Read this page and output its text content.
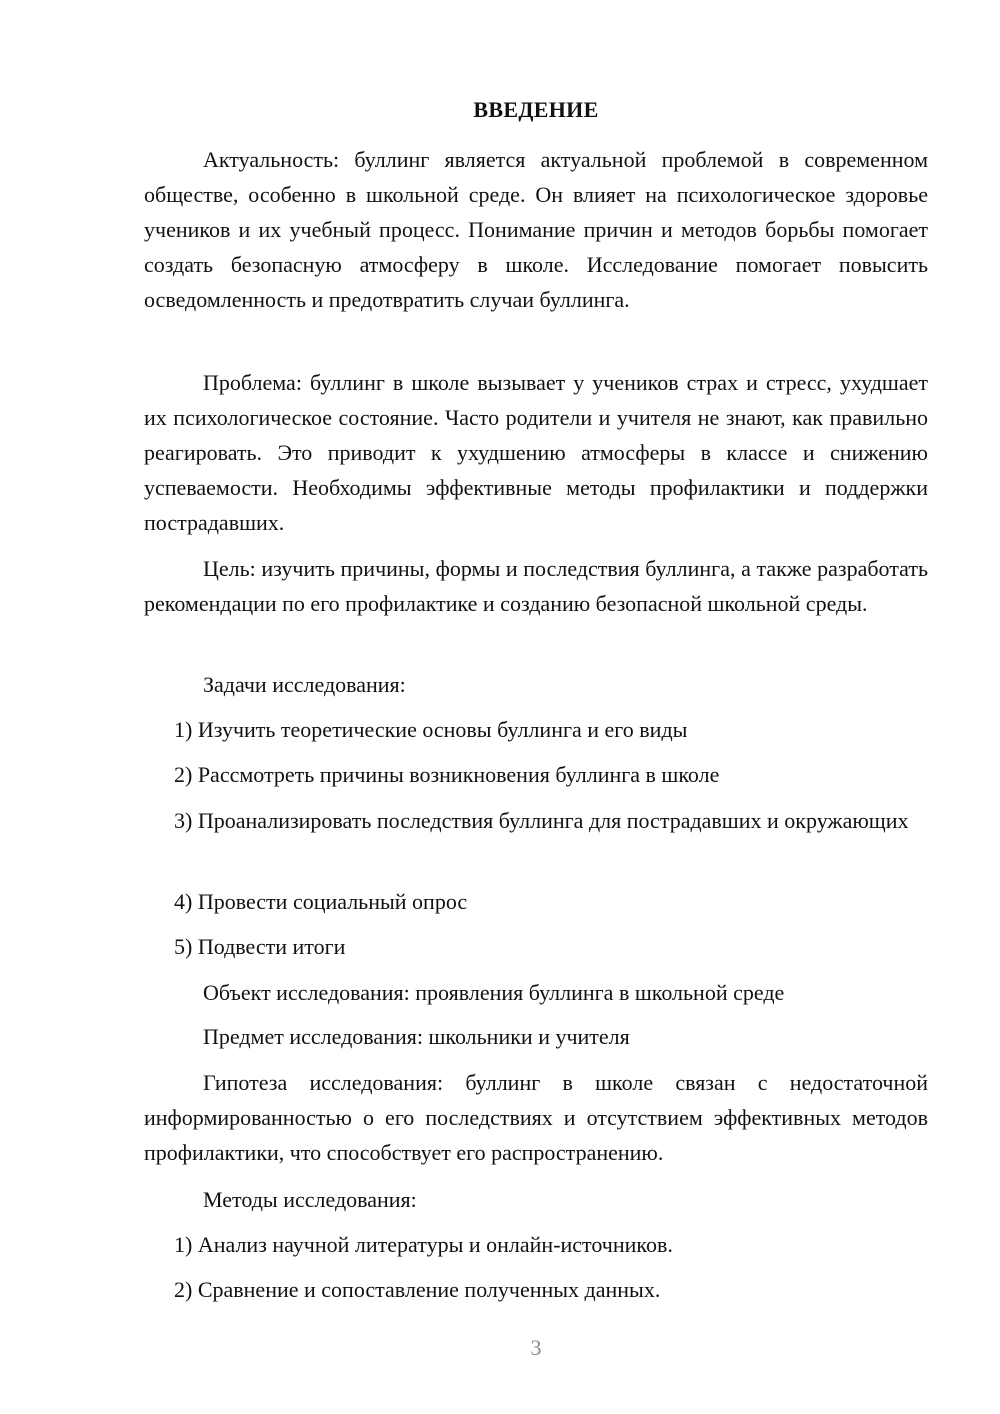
ВВЕДЕНИЕ
Актуальность: буллинг является актуальной проблемой в современном обществе, особенно в школьной среде. Он влияет на психологическое здоровье учеников и их учебный процесс. Понимание причин и методов борьбы помогает создать безопасную атмосферу в школе. Исследование помогает повысить осведомленность и предотвратить случаи буллинга.
Проблема: буллинг в школе вызывает у учеников страх и стресс, ухудшает их психологическое состояние. Часто родители и учителя не знают, как правильно реагировать. Это приводит к ухудшению атмосферы в классе и снижению успеваемости. Необходимы эффективные методы профилактики и поддержки пострадавших.
Цель: изучить причины, формы и последствия буллинга, а также разработать рекомендации по его профилактике и созданию безопасной школьной среды.
Задачи исследования:
1) Изучить теоретические основы буллинга и его виды
2) Рассмотреть причины возникновения буллинга в школе
3) Проанализировать последствия буллинга для пострадавших и окружающих
4) Провести социальный опрос
5) Подвести итоги
Объект исследования: проявления буллинга в школьной среде
Предмет исследования: школьники и учителя
Гипотеза исследования: буллинг в школе связан с недостаточной информированностью о его последствиях и отсутствием эффективных методов профилактики, что способствует его распространению.
Методы исследования:
1) Анализ научной литературы и онлайн-источников.
2) Сравнение и сопоставление полученных данных.
3
